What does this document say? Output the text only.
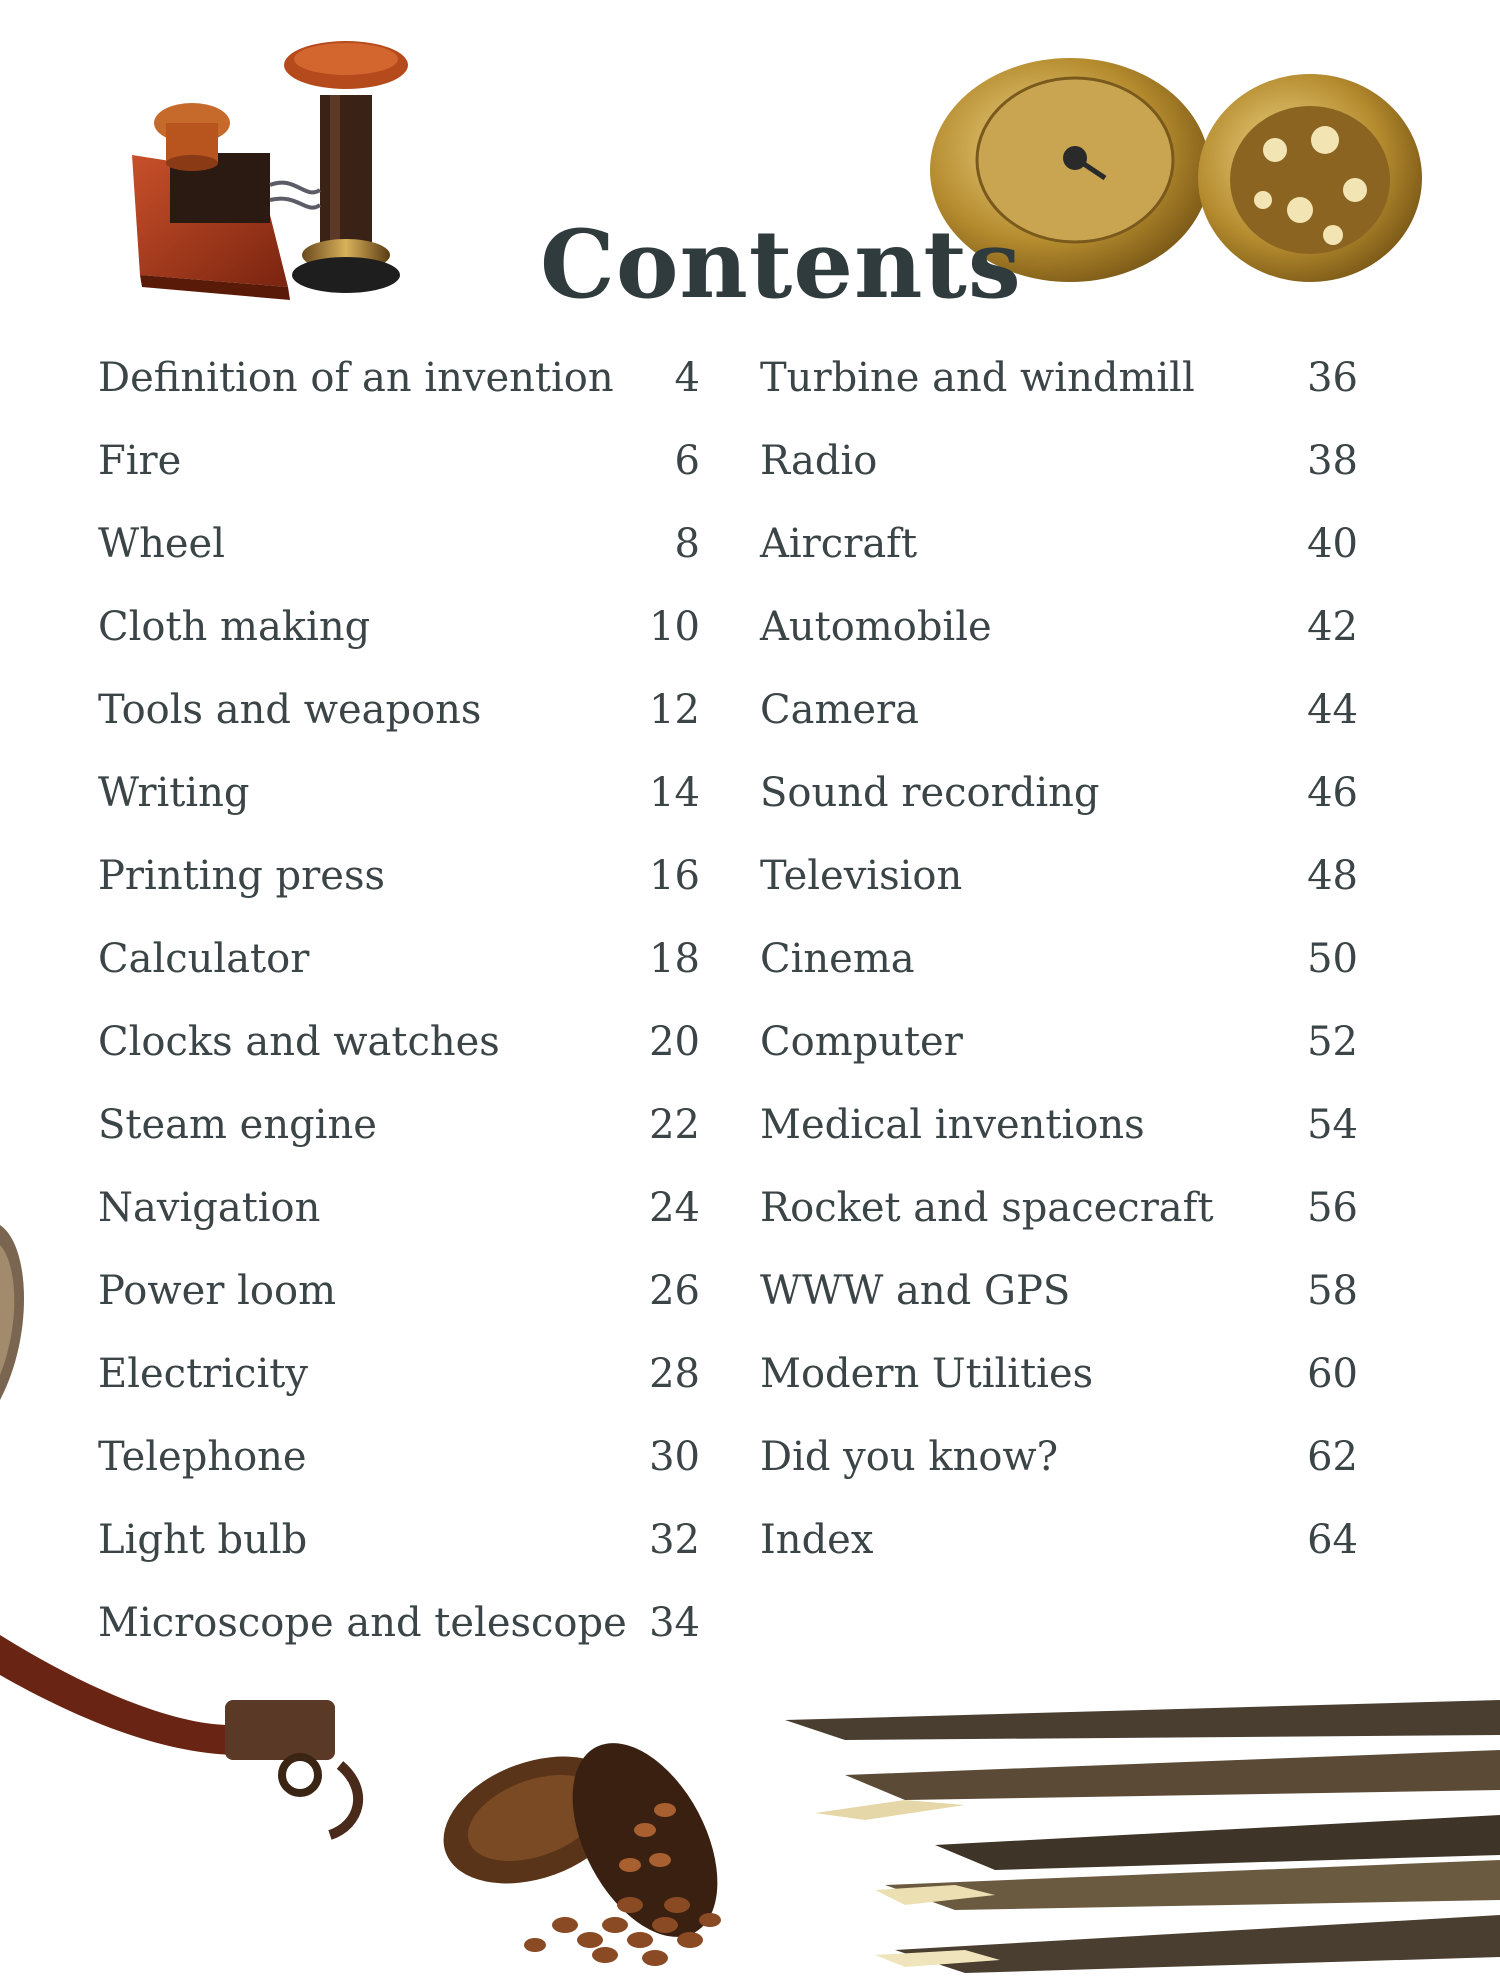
Contents
Definition of an invention 4
Fire	6
Wheel	8
Cloth making	10
Tools and weapons	12
Writing	14
Printing press	16
Calculator	18
Clocks and watches	20
Steam engine	22
Navigation	24
Power loom	26
Electricity	28
Telephone	30
Light bulb	32
Microscope and telescope 34
Turbine and windmill	36
Radio	38
Aircraft	40
Automobile	42
Camera	44
Sound recording	46
Television	48
Cinema	50
Computer	52
Medical inventions	54
Rocket and spacecraft 56
WWW and GPS	58
Modern Utilities	60
Did you know?	62
Index	64
